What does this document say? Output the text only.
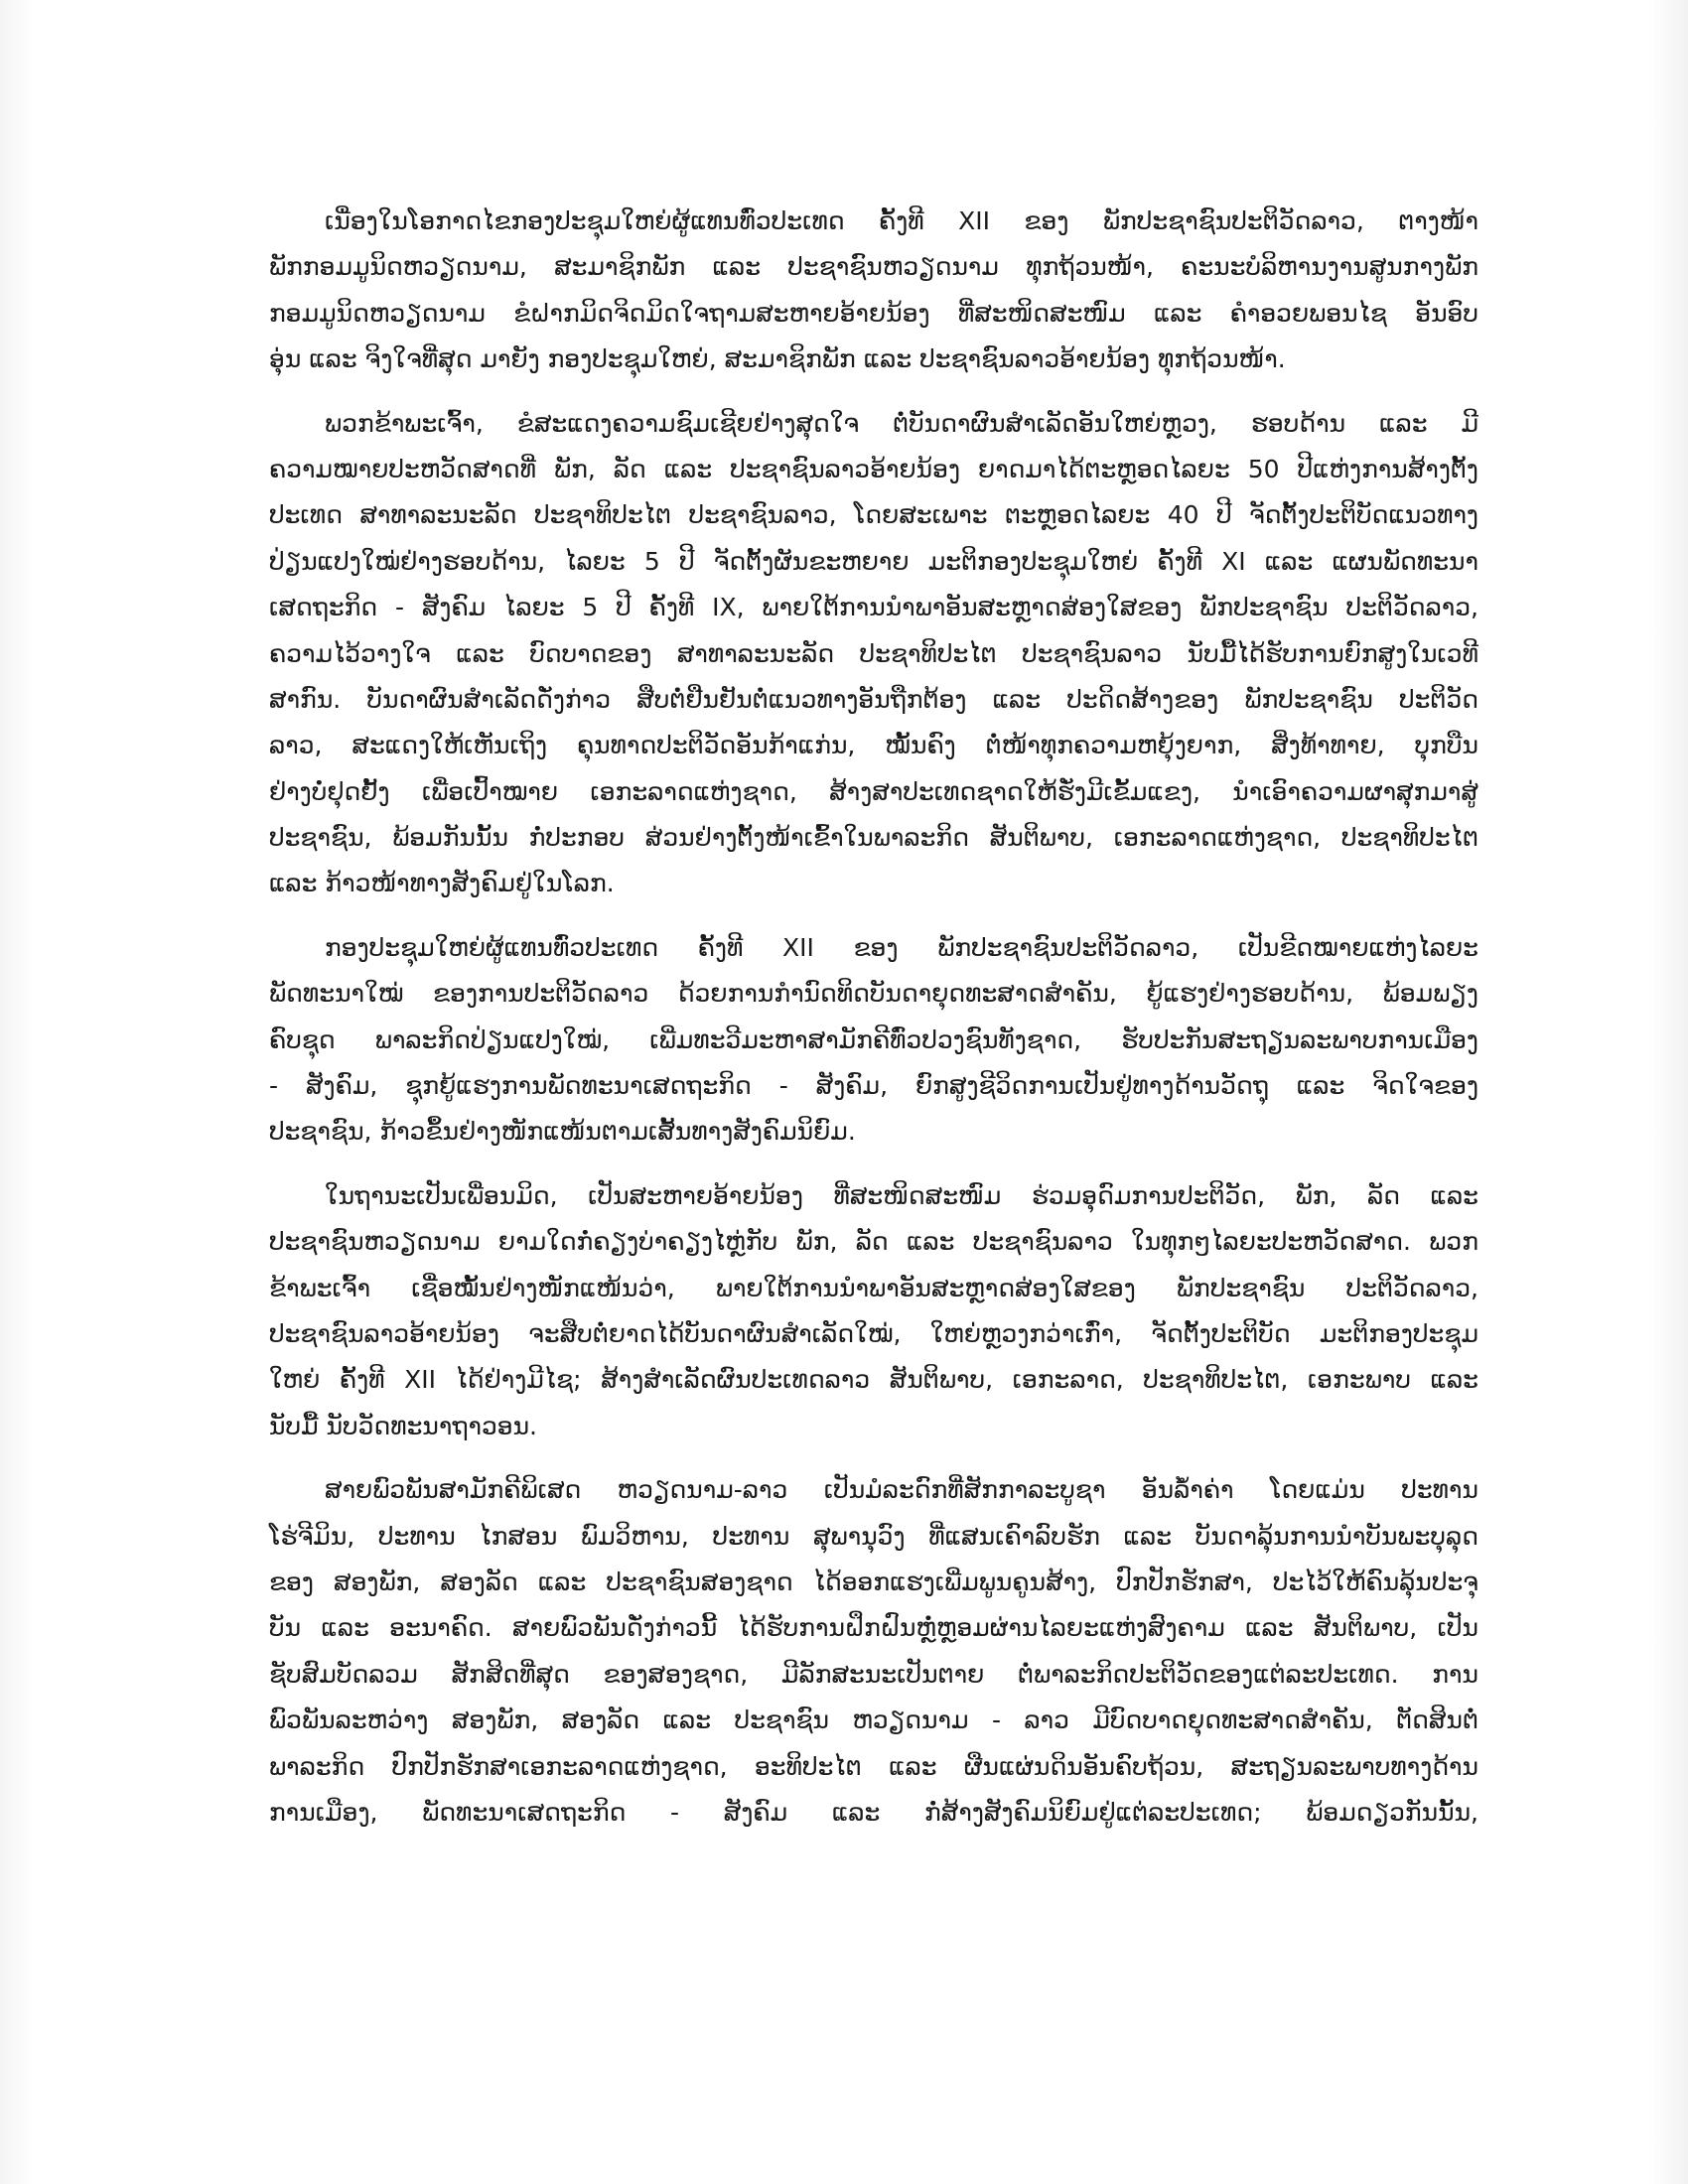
ເນື່ອງໃນໂອກາດໄຂກອງປະຊຸມໃຫຍ່ຜູ້ແທນທົ່ວປະເທດ ຄັ້ງທີ XII ຂອງ ພັກປະຊາຊົນປະຕິວັດລາວ, ຕາງໜ້າ
ພັກກອມມູນິດຫວຽດນາມ, ສະມາຊິກພັກ ແລະ ປະຊາຊົນຫວຽດນາມ ທຸກຖ້ວນໜ້າ, ຄະນະບໍລິຫານງານສູນກາງພັກ
ກອມມູນິດຫວຽດນາມ ຂໍຝາກມິດຈິດມິດໃຈຖາມສະຫາຍອ້າຍນ້ອງ ທີ່ສະໜິດສະໜົມ ແລະ ຄຳອວຍພອນໄຊ ອັນອົບ
ອຸ່ນ ແລະ ຈິງໃຈທີ່ສຸດ ມາຍັງ ກອງປະຊຸມໃຫຍ່, ສະມາຊິກພັກ ແລະ ປະຊາຊົນລາວອ້າຍນ້ອງ ທຸກຖ້ວນໜ້າ.
ພວກຂ້າພະເຈົ້າ, ຂໍສະແດງຄວາມຊົມເຊີຍຢ່າງສຸດໃຈ ຕໍ່ບັນດາຜົນສຳເລັດອັນໃຫຍ່ຫຼວງ, ຮອບດ້ານ ແລະ ມີ
ຄວາມໝາຍປະຫວັດສາດທີ່ ພັກ, ລັດ ແລະ ປະຊາຊົນລາວອ້າຍນ້ອງ ຍາດມາໄດ້ຕະຫຼອດໄລຍະ 50 ປີແຫ່ງການສ້າງຕັ້ງ
ປະເທດ ສາທາລະນະລັດ ປະຊາທິປະໄຕ ປະຊາຊົນລາວ, ໂດຍສະເພາະ ຕະຫຼອດໄລຍະ 40 ປີ ຈັດຕັ້ງປະຕິບັດແນວທາງ
ປ່ຽນແປງໃໝ່ຢ່າງຮອບດ້ານ, ໄລຍະ 5 ປີ ຈັດຕັ້ງຜັນຂະຫຍາຍ ມະຕິກອງປະຊຸມໃຫຍ່ ຄັ້ງທີ XI ແລະ ແຜນພັດທະນາ
ເສດຖະກິດ - ສັງຄົມ ໄລຍະ 5 ປີ ຄັ້ງທີ IX, ພາຍໃຕ້ການນຳພາອັນສະຫຼາດສ່ອງໃສຂອງ ພັກປະຊາຊົນ ປະຕິວັດລາວ,
ຄວາມໄວ້ວາງໃຈ ແລະ ບົດບາດຂອງ ສາທາລະນະລັດ ປະຊາທິປະໄຕ ປະຊາຊົນລາວ ນັບມື້ໄດ້ຮັບການຍົກສູງໃນເວທີ
ສາກົນ. ບັນດາຜົນສຳເລັດດັ່ງກ່າວ ສືບຕໍ່ຢືນຢັນຕໍ່ແນວທາງອັນຖືກຕ້ອງ ແລະ ປະດິດສ້າງຂອງ ພັກປະຊາຊົນ ປະຕິວັດ
ລາວ, ສະແດງໃຫ້ເຫັນເຖິງ ຄຸນທາດປະຕິວັດອັນກ້າແກ່ນ, ໝັ້ນຄົງ ຕໍ່ໜ້າທຸກຄວາມຫຍຸ້ງຍາກ, ສິ່ງທ້າທາຍ, ບຸກບືນ
ຢ່າງບໍ່ຢຸດຢັ້ງ ເພື່ອເປົ້າໝາຍ ເອກະລາດແຫ່ງຊາດ, ສ້າງສາປະເທດຊາດໃຫ້ຮັ່ງມີເຂັ້ມແຂງ, ນຳເອົາຄວາມຜາສຸກມາສູ່
ປະຊາຊົນ, ພ້ອມກັນນັ້ນ ກໍ່ປະກອບ ສ່ວນຢ່າງຕັ້ງໜ້າເຂົ້າໃນພາລະກິດ ສັນຕິພາບ, ເອກະລາດແຫ່ງຊາດ, ປະຊາທິປະໄຕ
ແລະ ກ້າວໜ້າທາງສັງຄົມຢູ່ໃນໂລກ.
ກອງປະຊຸມໃຫຍ່ຜູ້ແທນທົ່ວປະເທດ ຄັ້ງທີ XII ຂອງ ພັກປະຊາຊົນປະຕິວັດລາວ, ເປັນຂີດໝາຍແຫ່ງໄລຍະ
ພັດທະນາໃໝ່ ຂອງການປະຕິວັດລາວ ດ້ວຍການກຳນົດທິດບັນດາຍຸດທະສາດສຳຄັນ, ຍູ້ແຮງຢ່າງຮອບດ້ານ, ພ້ອມພຽງ
ຄົບຊຸດ ພາລະກິດປ່ຽນແປງໃໝ່, ເພີ່ມທະວີມະຫາສາມັກຄີທົ່ວປວງຊົນທັງຊາດ, ຮັບປະກັນສະຖຽນລະພາບການເມືອງ
- ສັງຄົມ, ຊຸກຍູ້ແຮງການພັດທະນາເສດຖະກິດ - ສັງຄົມ, ຍົກສູງຊີວິດການເປັນຢູ່ທາງດ້ານວັດຖຸ ແລະ ຈິດໃຈຂອງ
ປະຊາຊົນ, ກ້າວຂຶ້ນຢ່າງໜັກແໜ້ນຕາມເສັ້ນທາງສັງຄົມນິຍົມ.
ໃນຖານະເປັນເພື່ອນມິດ, ເປັນສະຫາຍອ້າຍນ້ອງ ທີ່ສະໜິດສະໜົມ ຮ່ວມອຸດົມການປະຕິວັດ, ພັກ, ລັດ ແລະ
ປະຊາຊົນຫວຽດນາມ ຍາມໃດກໍ່ຄຽງບ່າຄຽງໄຫຼ່ກັບ ພັກ, ລັດ ແລະ ປະຊາຊົນລາວ ໃນທຸກໆໄລຍະປະຫວັດສາດ. ພວກ
ຂ້າພະເຈົ້າ ເຊື່ອໝັ້ນຢ່າງໜັກແໜ້ນວ່າ, ພາຍໃຕ້ການນຳພາອັນສະຫຼາດສ່ອງໃສຂອງ ພັກປະຊາຊົນ ປະຕິວັດລາວ,
ປະຊາຊົນລາວອ້າຍນ້ອງ ຈະສືບຕໍ່ຍາດໄດ້ບັນດາຜົນສຳເລັດໃໝ່, ໃຫຍ່ຫຼວງກວ່າເກົ່າ, ຈັດຕັ້ງປະຕິບັດ ມະຕິກອງປະຊຸມ
ໃຫຍ່ ຄັ້ງທີ XII ໄດ້ຢ່າງມີໄຊ; ສ້າງສຳເລັດຜົນປະເທດລາວ ສັນຕິພາບ, ເອກະລາດ, ປະຊາທິປະໄຕ, ເອກະພາບ ແລະ
ນັບມື້ ນັບວັດທະນາຖາວອນ.
ສາຍພົວພັນສາມັກຄີພິເສດ ຫວຽດນາມ-ລາວ ເປັນມໍລະດົກທີ່ສັກກາລະບູຊາ ອັນລ້ຳຄ່າ ໂດຍແມ່ນ ປະທານ
ໂຮ່ຈີມິນ, ປະທານ ໄກສອນ ພົມວິຫານ, ປະທານ ສຸພານຸວົງ ທີ່ແສນເຄົາລົບຮັກ ແລະ ບັນດາລຸ້ນການນຳບັນພະບຸລຸດ
ຂອງ ສອງພັກ, ສອງລັດ ແລະ ປະຊາຊົນສອງຊາດ ໄດ້ອອກແຮງເພີ່ມພູນຄູນສ້າງ, ປົກປັກຮັກສາ, ປະໄວ້ໃຫ້ຄົນລຸ້ນປະຈຸ
ບັນ ແລະ ອະນາຄົດ. ສາຍພົວພັນດັ່ງກ່າວນີ້ ໄດ້ຮັບການຝຶກຝົນຫຼໍ່ຫຼອມຜ່ານໄລຍະແຫ່ງສົງຄາມ ແລະ ສັນຕິພາບ, ເປັນ
ຊັບສົມບັດລວມ ສັກສິດທີ່ສຸດ ຂອງສອງຊາດ, ມີລັກສະນະເປັນຕາຍ ຕໍ່ພາລະກິດປະຕິວັດຂອງແຕ່ລະປະເທດ. ການ
ພົວພັນລະຫວ່າງ ສອງພັກ, ສອງລັດ ແລະ ປະຊາຊົນ ຫວຽດນາມ - ລາວ ມີບົດບາດຍຸດທະສາດສຳຄັນ, ຕັດສິນຕໍ່
ພາລະກິດ ປົກປັກຮັກສາເອກະລາດແຫ່ງຊາດ, ອະທິປະໄຕ ແລະ ຜືນແຜ່ນດິນອັນຄົບຖ້ວນ, ສະຖຽນລະພາບທາງດ້ານ
ການເມືອງ, ພັດທະນາເສດຖະກິດ - ສັງຄົມ ແລະ ກໍ່ສ້າງສັງຄົມນິຍົມຢູ່ແຕ່ລະປະເທດ; ພ້ອມດຽວກັນນັ້ນ,
